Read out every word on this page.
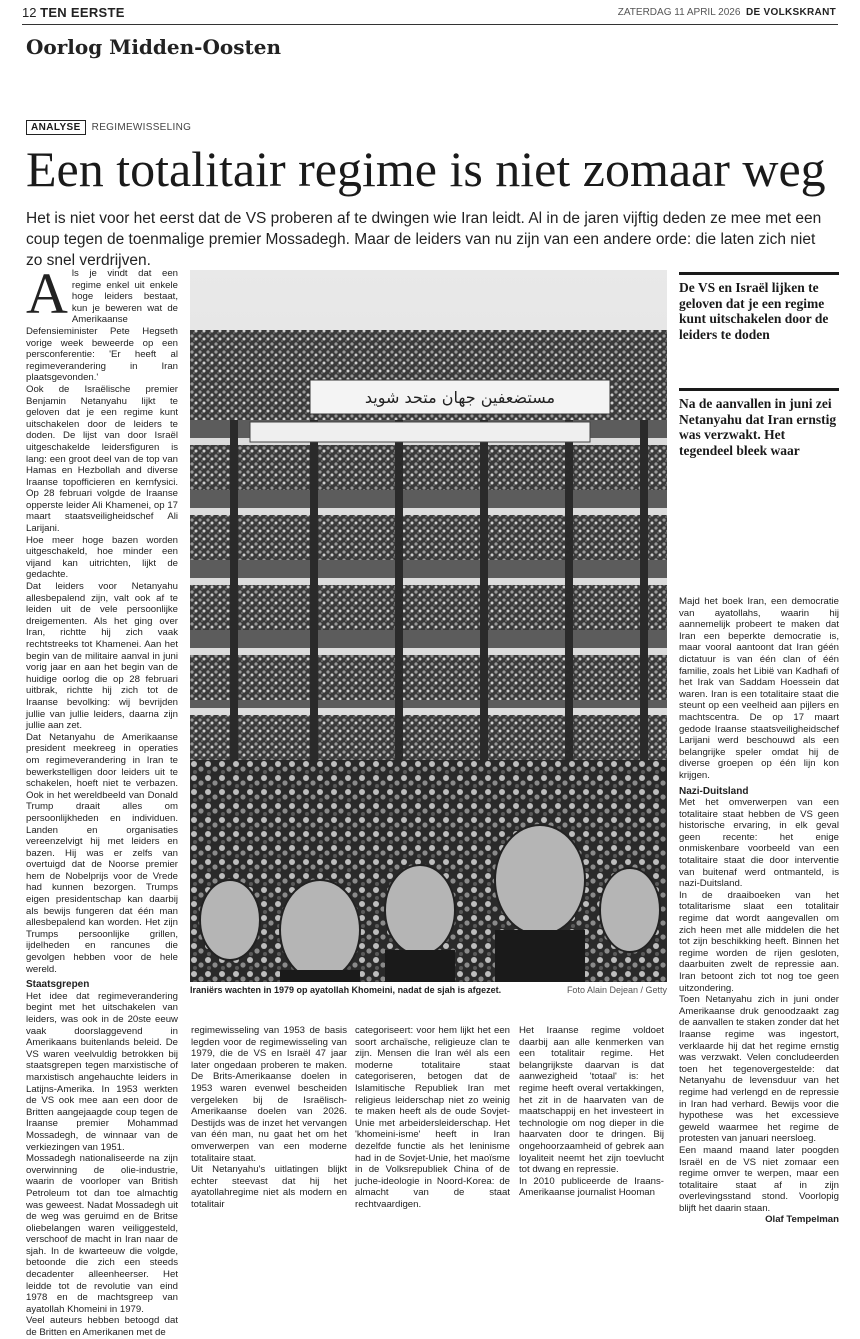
12 TEN EERSTE	ZATERDAG 11 APRIL 2026 DE VOLKSKRANT
Oorlog Midden-Oosten
ANALYSE	REGIMEWISSELING
Een totalitair regime is niet zomaar weg
Het is niet voor het eerst dat de VS proberen af te dwingen wie Iran leidt. Al in de jaren vijftig deden ze mee met een coup tegen de toenmalige premier Mossadegh. Maar de leiders van nu zijn van een andere orde: die laten zich niet zo snel verdrijven.
A ls je vindt dat een regime enkel uit enkele hoge leiders bestaat, kun je beweren wat de Amerikaanse Defensieminister Pete Hegseth vorige week beweerde op een persconferentie: 'Er heeft al regimeverandering in Iran plaatsgevonden.'

Ook de Israëlische premier Benjamin Netanyahu lijkt te geloven dat je een regime kunt uitschakelen door de leiders te doden. De lijst van door Israël uitgeschakelde leidersfiguren is lang: een groot deel van de top van Hamas en Hezbollah and diverse Iraanse topofficieren en kernfysici. Op 28 februari volgde de Iraanse opperste leider Ali Khamenei, op 17 maart staatsveiligheidschef Ali Larijani.

Hoe meer hoge bazen worden uitgeschakeld, hoe minder een vijand kan uitrichten, lijkt de gedachte.

Dat leiders voor Netanyahu allesbepalend zijn, valt ook af te leiden uit de vele persoonlijke dreigementen. Als het ging over Iran, richtte hij zich vaak rechtstreeks tot Khamenei. Aan het begin van de militaire aanval in juni vorig jaar en aan het begin van de huidige oorlog die op 28 februari uitbrak, richtte hij zich tot de Iraanse bevolking: wij bevrijden jullie van jullie leiders, daarna zijn jullie aan zet.

Dat Netanyahu de Amerikaanse president meekreeg in operaties om regimeverandering in Iran te bewerkstelligen door leiders uit te schakelen, hoeft niet te verbazen. Ook in het wereldbeeld van Donald Trump draait alles om persoonlijkheden en individuen. Landen en organisaties vereenzelvigt hij met leiders en bazen. Hij was er zelfs van overtuigd dat de Noorse premier hem de Nobelprijs voor de Vrede had kunnen bezorgen. Trumps eigen presidentschap kan daarbij als bewijs fungeren dat één man allesbepalend kan worden. Het zijn Trumps persoonlijke grillen, ijdelheden en rancunes die gevolgen hebben voor de hele wereld.

Staatsgrepen

Het idee dat regimeverandering begint met het uitschakelen van leiders, was ook in de 20ste eeuw vaak doorslaggevend in Amerikaans buitenlands beleid. De VS waren veelvuldig betrokken bij staatsgrepen tegen marxistische of marxistisch angehauchte leiders in Latijns-Amerika. In 1953 werkten de VS ook mee aan een door de Britten aangejaagde coup tegen de Iraanse premier Mohammad Mossadegh, de winnaar van de verkiezingen van 1951.

Mossadegh nationaliseerde na zijn overwinning de olie-industrie, waarin de voorloper van British Petroleum tot dan toe almachtig was geweest. Nadat Mossadegh uit de weg was geruimd en de Britse oliebelangen waren veiliggesteld, verschoof de macht in Iran naar de sjah. In de kwarteeuw die volgde, betoonde die zich een steeds decadenter alleenheerser. Het leidde tot de revolutie van eind 1978 en de machtsgreep van ayatollah Khomeini in 1979.

Veel auteurs hebben betoogd dat de Britten en Amerikanen met de

مستضعفین جهان متحد شوید
Iraniërs wachten in 1979 op ayatollah Khomeini, nadat de sjah is afgezet.	Foto Alain Dejean / Getty
De VS en Israël lijken te geloven dat je een regime kunt uitschakelen door de leiders te doden
Na de aanvallen in juni zei Netanyahu dat Iran ernstig was verzwakt. Het tegendeel bleek waar

Majd het boek Iran, een democratie van ayatollahs, waarin hij aannemelijk probeert te maken dat Iran een beperkte democratie is, maar vooral aantoont dat Iran géén dictatuur is van één clan of één familie, zoals het Libië van Kadhafi of het Irak van Saddam Hoessein dat waren. Iran is een totalitaire staat die steunt op een veelheid aan pijlers en machtscentra. De op 17 maart gedode Iraanse staatsveiligheidschef Larijani werd beschouwd als een belangrijke speler omdat hij de diverse groepen op één lijn kon krijgen.

Nazi-Duitsland

Met het omverwerpen van een totalitaire staat hebben de VS geen historische ervaring, in elk geval geen recente: het enige onmiskenbare voorbeeld van een totalitaire staat die door interventie van buitenaf werd ontmanteld, is nazi-Duitsland.

In de draaiboeken van het totalitarisme slaat een totalitair regime dat wordt aangevallen om zich heen met alle middelen die het tot zijn beschikking heeft. Binnen het regime worden de rijen gesloten, daarbuiten zwelt de repressie aan. Iran betoont zich tot nog toe geen uitzondering.

Toen Netanyahu zich in juni onder Amerikaanse druk genoodzaakt zag de aanvallen te staken zonder dat het Iraanse regime was ingestort, verklaarde hij dat het regime ernstig was verzwakt. Velen concludeerden toen het tegenovergestelde: dat Netanyahu de levensduur van het regime had verlengd en de repressie in Iran had verhard. Bewijs voor die hypothese was het excessieve geweld waarmee het regime de protesten van januari neersloeg.

Een maand maand later poogden Israël en de VS niet zomaar een regime omver te werpen, maar een totalitaire staat af in zijn overlevingsstand stond. Voorlopig blijft het daarin staan.

Olaf Tempelman

regimewisseling van 1953 de basis legden voor de regimewisseling van 1979, die de VS en Israël 47 jaar later ongedaan proberen te maken. De Brits-Amerikaanse doelen in 1953 waren evenwel bescheiden vergeleken bij de Israëlisch-Amerikaanse doelen van 2026. Destijds was de inzet het vervangen van één man, nu gaat het om het omverwerpen van een moderne totalitaire staat.

Uit Netanyahu's uitlatingen blijkt echter steevast dat hij het ayatollahregime niet als modern en totalitair

categoriseert: voor hem lijkt het een soort archaïsche, religieuze clan te zijn. Mensen die Iran wél als een moderne totalitaire staat categoriseren, betogen dat de Islamitische Republiek Iran met religieus leiderschap niet zo weinig te maken heeft als de oude Sovjet-Unie met arbeidersleiderschap. Het 'khomeini-isme' heeft in Iran dezelfde functie als het leninisme had in de Sovjet-Unie, het maoïsme in de Volksrepubliek China of de juche-ideologie in Noord-Korea: de almacht van de staat rechtvaardigen.

Het Iraanse regime voldoet daarbij aan alle kenmerken van een totalitair regime. Het belangrijkste daarvan is dat aanwezigheid 'totaal' is: het regime heeft overal vertakkingen, het zit in de haarvaten van de maatschappij en het investeert in technologie om nog dieper in die haarvaten door te dringen. Bij ongehoorzaamheid of gebrek aan loyaliteit neemt het zijn toevlucht tot dwang en repressie.

In 2010 publiceerde de Iraans-Amerikaanse journalist Hooman
